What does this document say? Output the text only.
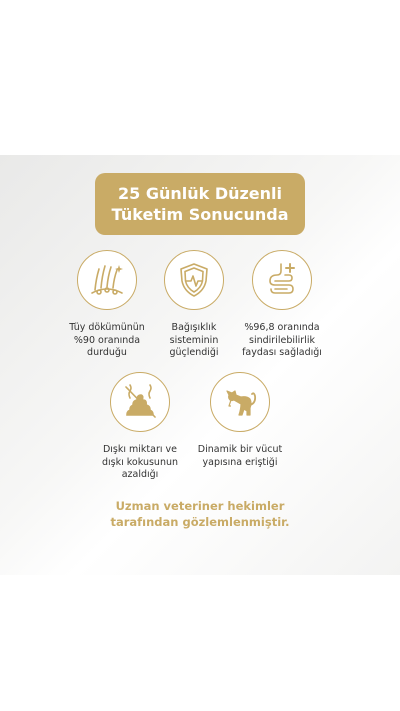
25 Günlük Düzenli
Tüketim Sonucunda
Tüy dökümünün
%90 oranında
durduğu
Bağışıklık
sisteminin
güçlendiği
%96,8 oranında
sindirilebilirlik
faydası sağladığı
Dışkı miktarı ve
dışkı kokusunun
azaldığı
Dinamik bir vücut
yapısına eriştiği
Uzman veteriner hekimler
tarafından gözlemlenmiştir.
